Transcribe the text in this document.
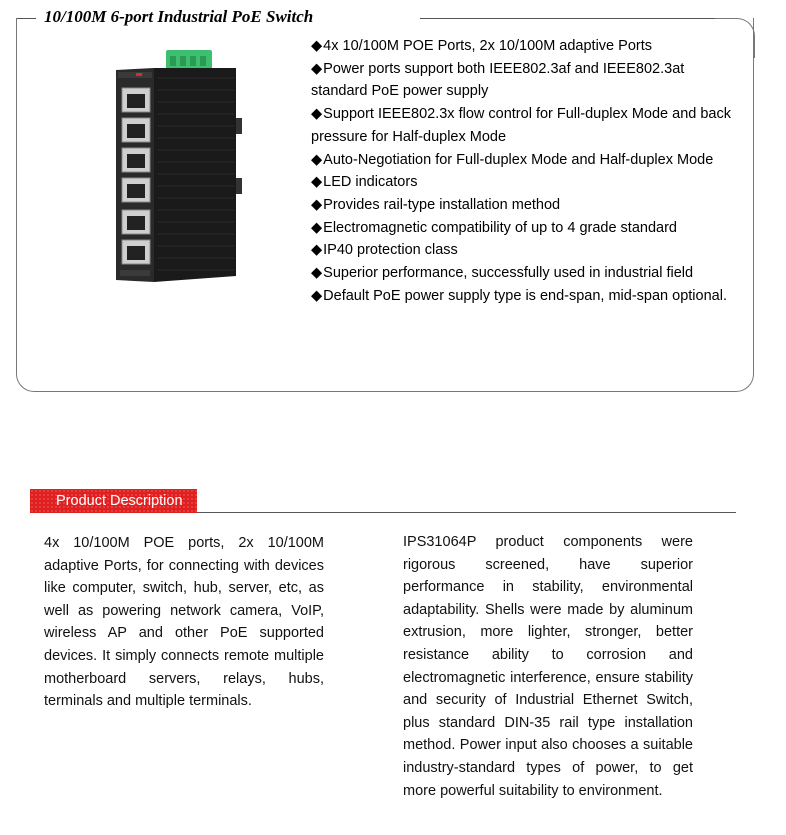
10/100M 6-port Industrial PoE Switch
◆4x 10/100M POE Ports, 2x 10/100M adaptive Ports
◆Power ports support both IEEE802.3af and IEEE802.3at standard PoE power supply
◆Support IEEE802.3x flow control for Full-duplex Mode and back pressure for Half-duplex Mode
◆Auto-Negotiation for Full-duplex Mode and Half-duplex Mode
◆LED indicators
◆Provides rail-type installation method
◆Electromagnetic compatibility of up to 4 grade standard
◆IP40 protection class
◆Superior performance, successfully used in industrial field
◆Default PoE power supply type is end-span, mid-span optional.
Product Description
4x 10/100M POE ports, 2x 10/100M adaptive Ports, for connecting with devices like computer, switch, hub, server, etc, as well as powering network camera, VoIP, wireless AP and other PoE supported devices. It simply connects remote multiple motherboard servers, relays, hubs, terminals and multiple terminals.
IPS31064P product components were rigorous screened, have superior performance in stability, environmental adaptability. Shells were made by aluminum extrusion, more lighter, stronger, better resistance ability to corrosion and electromagnetic interference, ensure stability and security of Industrial Ethernet Switch, plus standard DIN-35 rail type installation method. Power input also chooses a suitable industry-standard types of power, to get more powerful suitability to environment.
